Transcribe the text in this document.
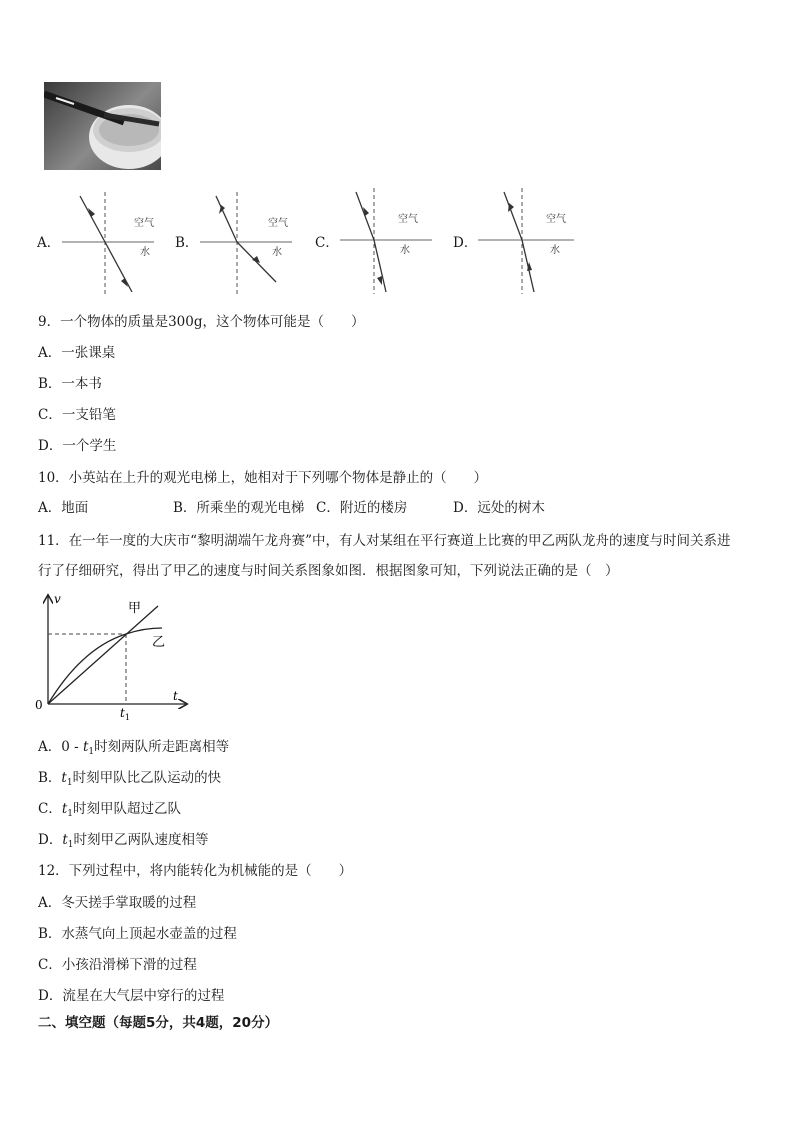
A．
空气
水
B．
空气
水
C．
空气
水	D．
空气
水
9．一个物体的质量是300g，这个物体可能是（　　）
A．一张课桌
B．一本书
C．一支铅笔
D．一个学生
10．小英站在上升的观光电梯上，她相对于下列哪个物体是静止的（　　）
A．地面	B．所乘坐的观光电梯 C．附近的楼房	D．远处的树木
11．在一年一度的大庆市“黎明湖端午龙舟赛”中，有人对某组在平行赛道上比赛的甲乙两队龙舟的速度与时间关系进
行了仔细研究，得出了甲乙的速度与时间关系图象如图．根据图象可知，下列说法正确的是（　）
v
t
0
$t_1$
甲
乙
A．$0 - t_1$时刻两队所走距离相等
B．$t_1$时刻甲队比乙队运动的快
C．$t_1$时刻甲队超过乙队
D．$t_1$时刻甲乙两队速度相等
12．下列过程中，将内能转化为机械能的是（　　）
A．冬天搓手掌取暖的过程
B．水蒸气向上顶起水壶盖的过程
C．小孩沿滑梯下滑的过程
D．流星在大气层中穿行的过程
二、填空题（每题5分，共4题，20分）
